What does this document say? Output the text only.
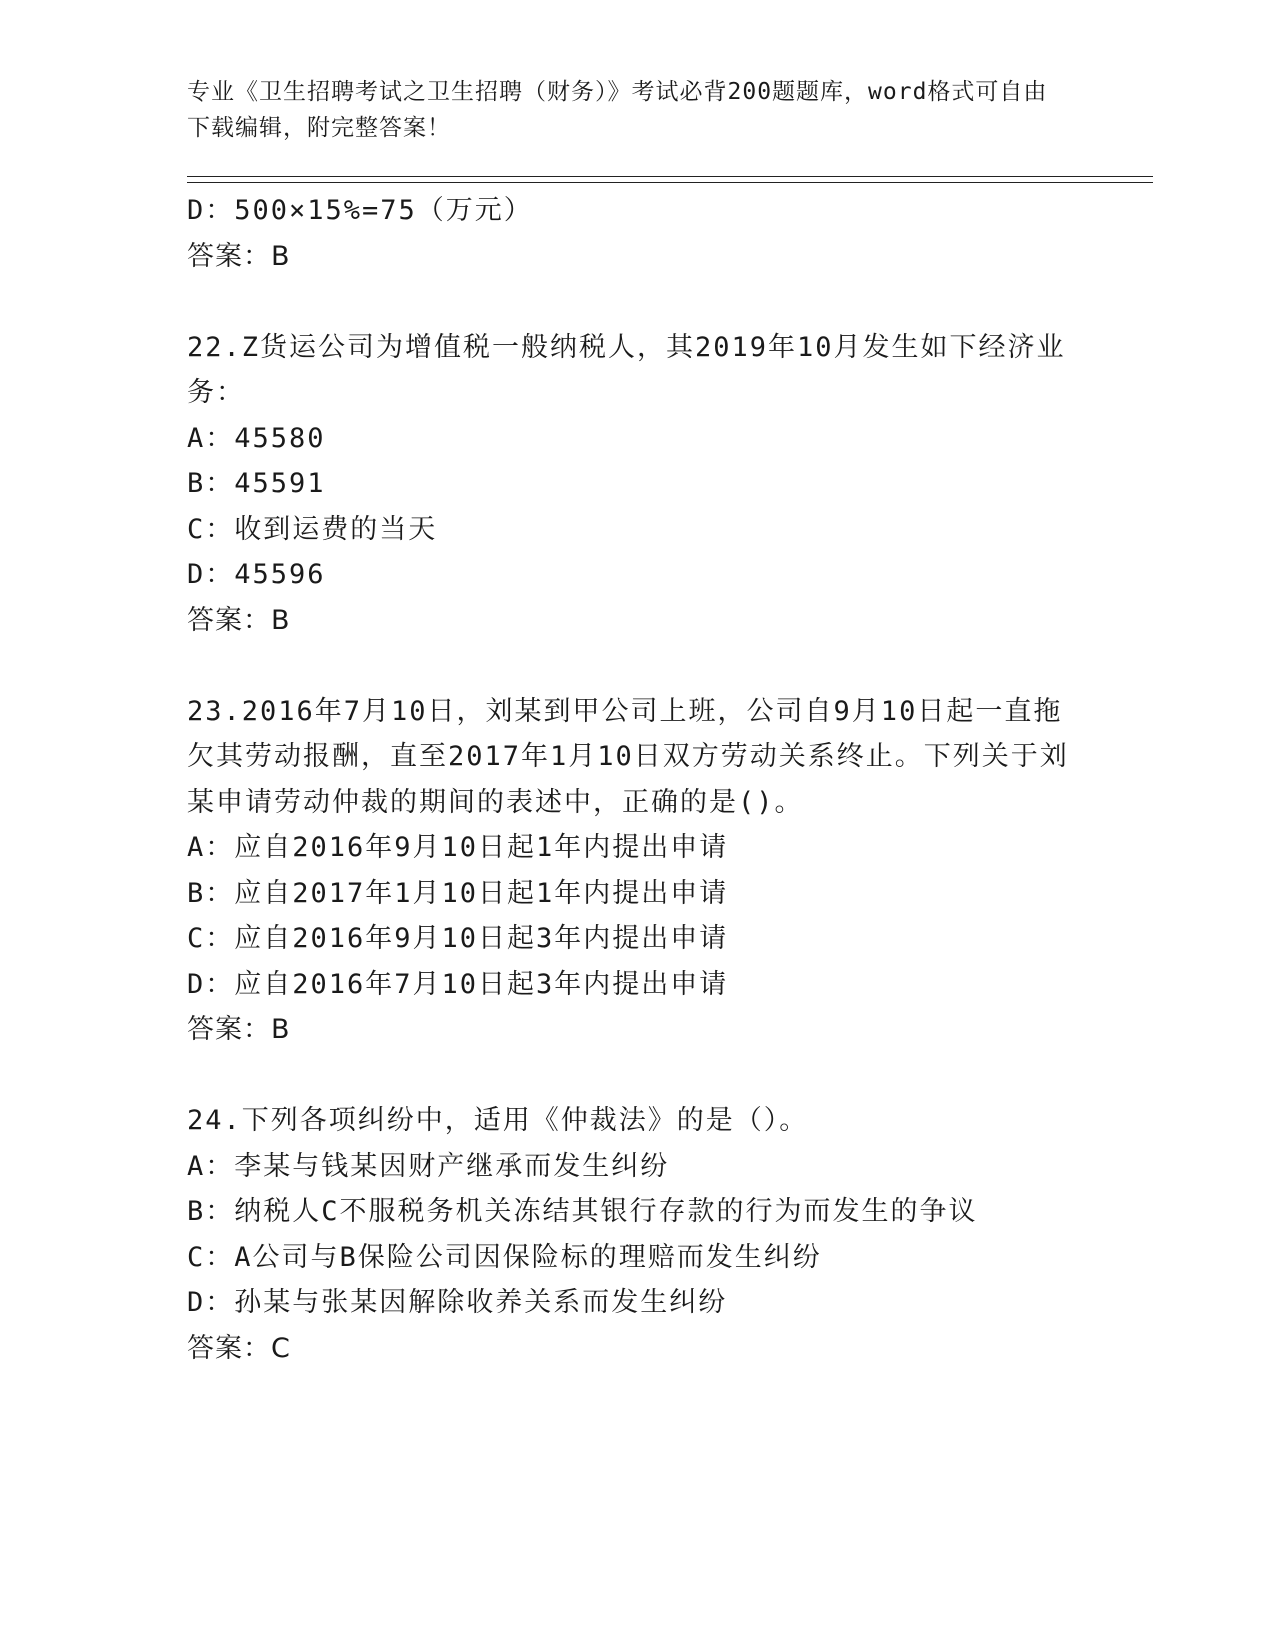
专业《卫生招聘考试之卫生招聘（财务）》考试必背200题题库，word格式可自由下载编辑，附完整答案！

D：500×15%=75（万元）

答案：B

22.Z货运公司为增值税一般纳税人，其2019年10月发生如下经济业务：

A：45580

B：45591

C：收到运费的当天

D：45596

答案：B

23.2016年7月10日，刘某到甲公司上班，公司自9月10日起一直拖欠其劳动报酬，直至2017年1月10日双方劳动关系终止。下列关于刘某申请劳动仲裁的期间的表述中，正确的是()。

A：应自2016年9月10日起1年内提出申请

B：应自2017年1月10日起1年内提出申请

C：应自2016年9月10日起3年内提出申请

D：应自2016年7月10日起3年内提出申请

答案：B

24.下列各项纠纷中，适用《仲裁法》的是（）。

A：李某与钱某因财产继承而发生纠纷

B：纳税人C不服税务机关冻结其银行存款的行为而发生的争议

C：A公司与B保险公司因保险标的理赔而发生纠纷

D：孙某与张某因解除收养关系而发生纠纷

答案：C
